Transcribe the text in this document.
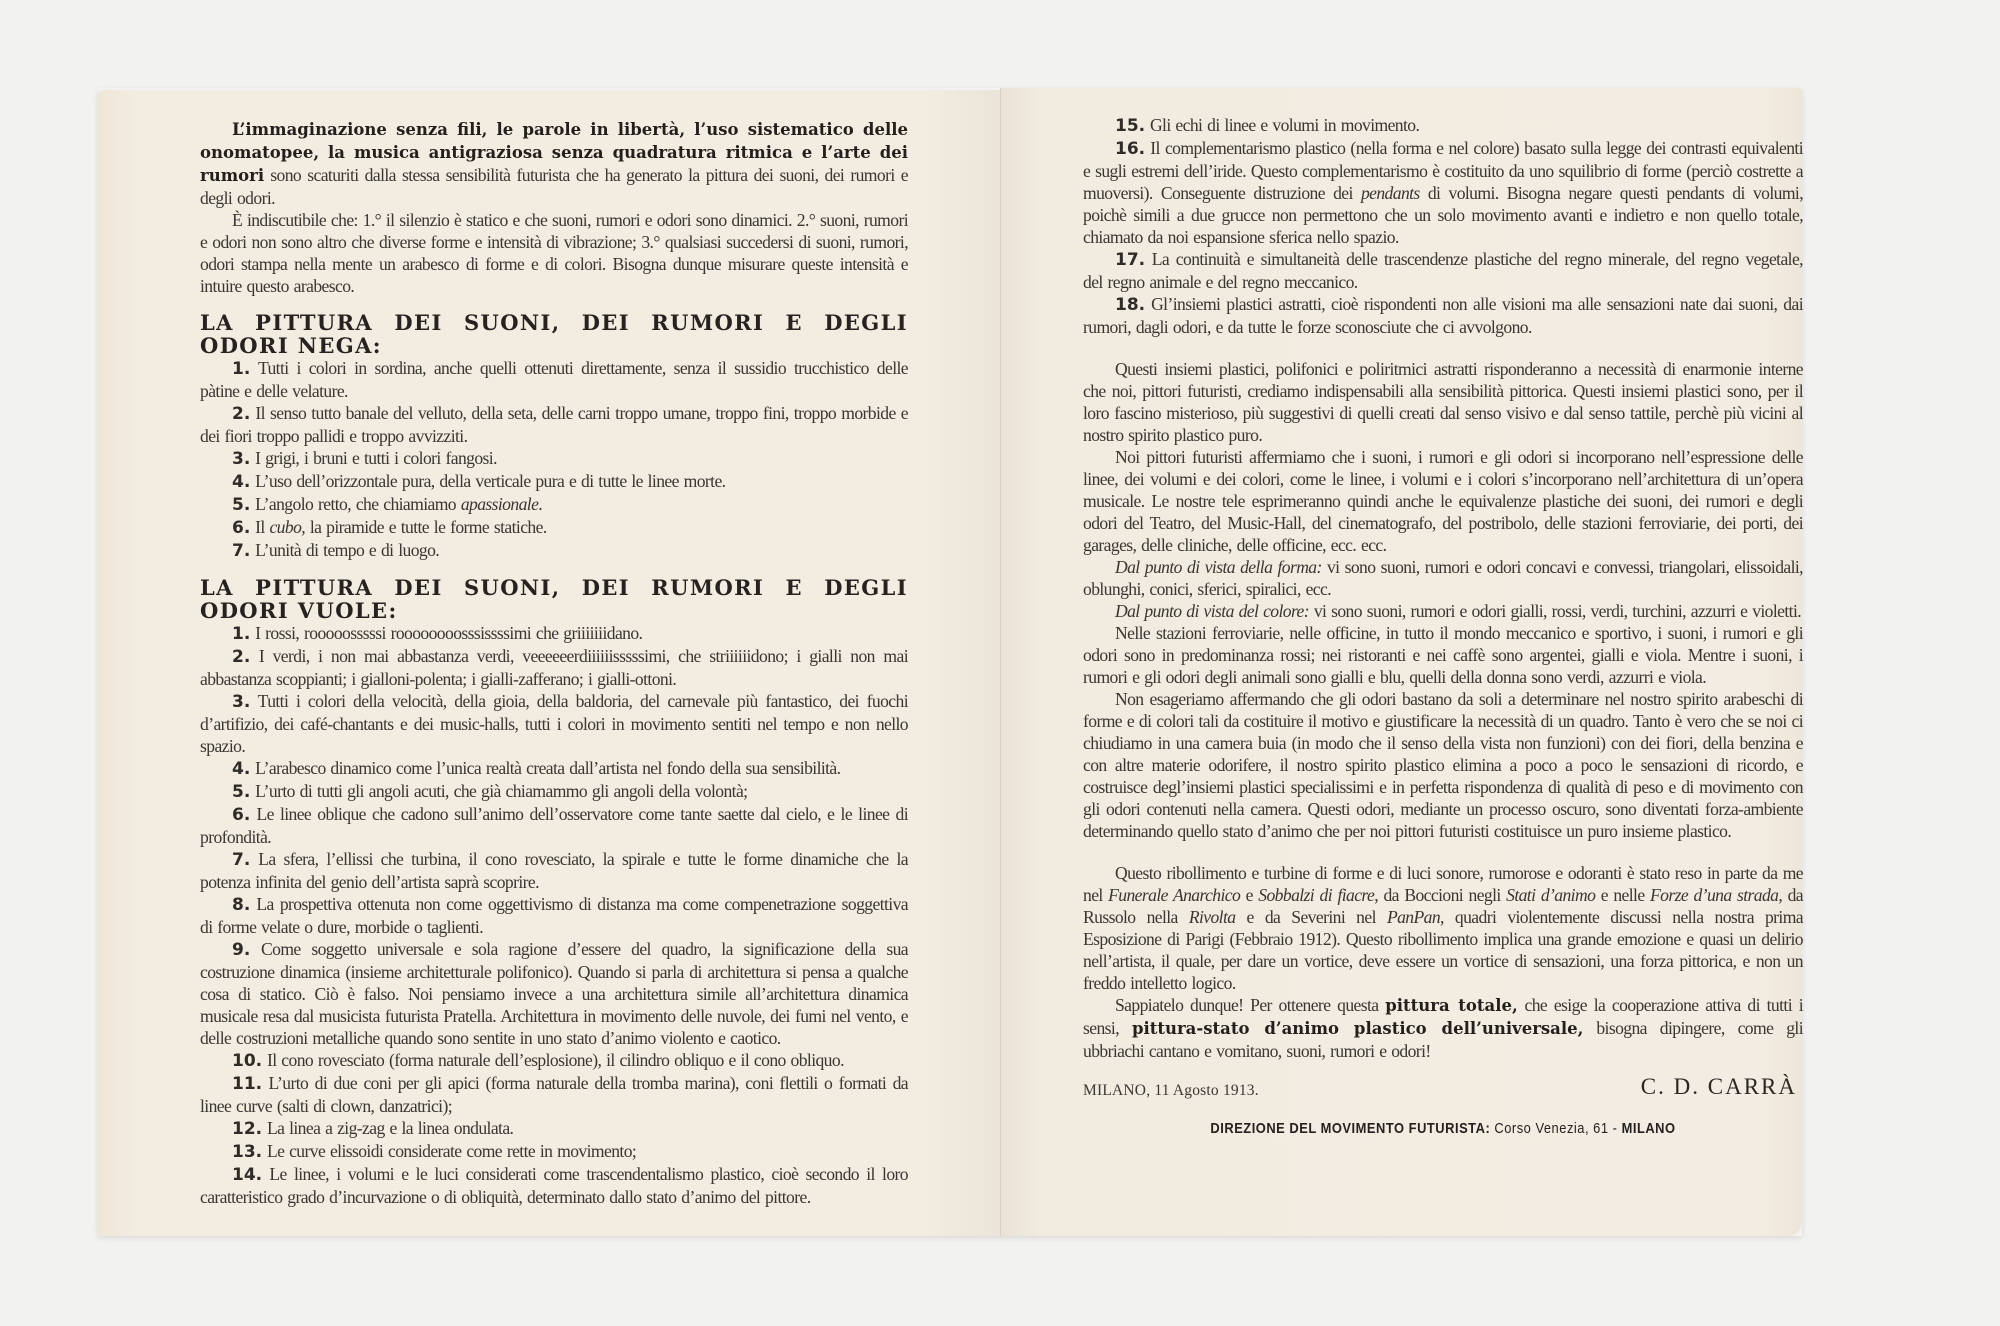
L’immaginazione senza fili, le parole in libertà, l’uso sistematico delle onomatopee, la musica antigraziosa senza quadratura ritmica e l’arte dei rumori sono scaturiti dalla stessa sensibilità futurista che ha generato la pittura dei suoni, dei rumori e degli odori.

È indiscutibile che: 1.° il silenzio è statico e che suoni, rumori e odori sono dinamici. 2.° suoni, rumori e odori non sono altro che diverse forme e intensità di vibrazione; 3.° qualsiasi succedersi di suoni, rumori, odori stampa nella mente un arabesco di forme e di colori. Bisogna dunque misurare queste intensità e intuire questo arabesco.

LA PITTURA DEI SUONI, DEI RUMORI E DEGLI ODORI NEGA:

1. Tutti i colori in sordina, anche quelli ottenuti direttamente, senza il sussidio trucchistico delle pàtine e delle velature.

2. Il senso tutto banale del velluto, della seta, delle carni troppo umane, troppo fini, troppo morbide e dei fiori troppo pallidi e troppo avvizziti.

3. I grigi, i bruni e tutti i colori fangosi.

4. L’uso dell’orizzontale pura, della verticale pura e di tutte le linee morte.

5. L’angolo retto, che chiamiamo apassionale.

6. Il cubo, la piramide e tutte le forme statiche.

7. L’unità di tempo e di luogo.

LA PITTURA DEI SUONI, DEI RUMORI E DEGLI ODORI VUOLE:

1. I rossi, rooooosssssi roooooooosssissssimi che griiiiiiidano.

2. I verdi, i non mai abbastanza verdi, veeeeeerdiiiiiisssssimi, che striiiiiidono; i gialli non mai abbastanza scoppianti; i gialloni-polenta; i gialli-zafferano; i gialli-ottoni.

3. Tutti i colori della velocità, della gioia, della baldoria, del carnevale più fantastico, dei fuochi d’artifizio, dei café-chantants e dei music-halls, tutti i colori in movimento sentiti nel tempo e non nello spazio.

4. L’arabesco dinamico come l’unica realtà creata dall’artista nel fondo della sua sensibilità.

5. L’urto di tutti gli angoli acuti, che già chiamammo gli angoli della volontà;

6. Le linee oblique che cadono sull’animo dell’osservatore come tante saette dal cielo, e le linee di profondità.

7. La sfera, l’ellissi che turbina, il cono rovesciato, la spirale e tutte le forme dinamiche che la potenza infinita del genio dell’artista saprà scoprire.

8. La prospettiva ottenuta non come oggettivismo di distanza ma come compenetrazione soggettiva di forme velate o dure, morbide o taglienti.

9. Come soggetto universale e sola ragione d’essere del quadro, la significazione della sua costruzione dinamica (insieme architetturale polifonico). Quando si parla di architettura si pensa a qualche cosa di statico. Ciò è falso. Noi pensiamo invece a una architettura simile all’architettura dinamica musicale resa dal musicista futurista Pratella. Architettura in movimento delle nuvole, dei fumi nel vento, e delle costruzioni metalliche quando sono sentite in uno stato d’animo violento e caotico.

10. Il cono rovesciato (forma naturale dell’esplosione), il cilindro obliquo e il cono obliquo.

11. L’urto di due coni per gli apici (forma naturale della tromba marina), coni flettili o formati da linee curve (salti di clown, danzatrici);

12. La linea a zig-zag e la linea ondulata.

13. Le curve elissoidi considerate come rette in movimento;

14. Le linee, i volumi e le luci considerati come trascendentalismo plastico, cioè secondo il loro caratteristico grado d’incurvazione o di obliquità, determinato dallo stato d’animo del pittore.

15. Gli echi di linee e volumi in movimento.

16. Il complementarismo plastico (nella forma e nel colore) basato sulla legge dei contrasti equivalenti e sugli estremi dell’iride. Questo complementarismo è costituito da uno squilibrio di forme (perciò costrette a muoversi). Conseguente distruzione dei pendants di volumi. Bisogna negare questi pendants di volumi, poichè simili a due grucce non permettono che un solo movimento avanti e indietro e non quello totale, chiamato da noi espansione sferica nello spazio.

17. La continuità e simultaneità delle trascendenze plastiche del regno minerale, del regno vegetale, del regno animale e del regno meccanico.

18. Gl’insiemi plastici astratti, cioè rispondenti non alle visioni ma alle sensazioni nate dai suoni, dai rumori, dagli odori, e da tutte le forze sconosciute che ci avvolgono.

Questi insiemi plastici, polifonici e poliritmici astratti risponderanno a necessità di enarmonie interne che noi, pittori futuristi, crediamo indispensabili alla sensibilità pittorica. Questi insiemi plastici sono, per il loro fascino misterioso, più suggestivi di quelli creati dal senso visivo e dal senso tattile, perchè più vicini al nostro spirito plastico puro.

Noi pittori futuristi affermiamo che i suoni, i rumori e gli odori si incorporano nell’espressione delle linee, dei volumi e dei colori, come le linee, i volumi e i colori s’incorporano nell’architettura di un’opera musicale. Le nostre tele esprimeranno quindi anche le equivalenze plastiche dei suoni, dei rumori e degli odori del Teatro, del Music-Hall, del cinematografo, del postribolo, delle stazioni ferroviarie, dei porti, dei garages, delle cliniche, delle officine, ecc. ecc.

Dal punto di vista della forma: vi sono suoni, rumori e odori concavi e convessi, triangolari, elissoidali, oblunghi, conici, sferici, spiralici, ecc.

Dal punto di vista del colore: vi sono suoni, rumori e odori gialli, rossi, verdi, turchini, azzurri e violetti.

Nelle stazioni ferroviarie, nelle officine, in tutto il mondo meccanico e sportivo, i suoni, i rumori e gli odori sono in predominanza rossi; nei ristoranti e nei caffè sono argentei, gialli e viola. Mentre i suoni, i rumori e gli odori degli animali sono gialli e blu, quelli della donna sono verdi, azzurri e viola.

Non esageriamo affermando che gli odori bastano da soli a determinare nel nostro spirito arabeschi di forme e di colori tali da costituire il motivo e giustificare la necessità di un quadro. Tanto è vero che se noi ci chiudiamo in una camera buia (in modo che il senso della vista non funzioni) con dei fiori, della benzina e con altre materie odorifere, il nostro spirito plastico elimina a poco a poco le sensazioni di ricordo, e costruisce degl’insiemi plastici specialissimi e in perfetta rispondenza di qualità di peso e di movimento con gli odori contenuti nella camera. Questi odori, mediante un processo oscuro, sono diventati forza-ambiente determinando quello stato d’animo che per noi pittori futuristi costituisce un puro insieme plastico.

Questo ribollimento e turbine di forme e di luci sonore, rumorose e odoranti è stato reso in parte da me nel Funerale Anarchico e Sobbalzi di fiacre, da Boccioni negli Stati d’animo e nelle Forze d’una strada, da Russolo nella Rivolta e da Severini nel PanPan, quadri violentemente discussi nella nostra prima Esposizione di Parigi (Febbraio 1912). Questo ribollimento implica una grande emozione e quasi un delirio nell’artista, il quale, per dare un vortice, deve essere un vortice di sensazioni, una forza pittorica, e non un freddo intelletto logico.

Sappiatelo dunque! Per ottenere questa pittura totale, che esige la cooperazione attiva di tutti i sensi, pittura-stato d’animo plastico dell’universale, bisogna dipingere, come gli ubbriachi cantano e vomitano, suoni, rumori e odori!

MILANO, 11 Agosto 1913.	C. D. CARRÀ
DIREZIONE DEL MOVIMENTO FUTURISTA: Corso Venezia, 61 - MILANO
